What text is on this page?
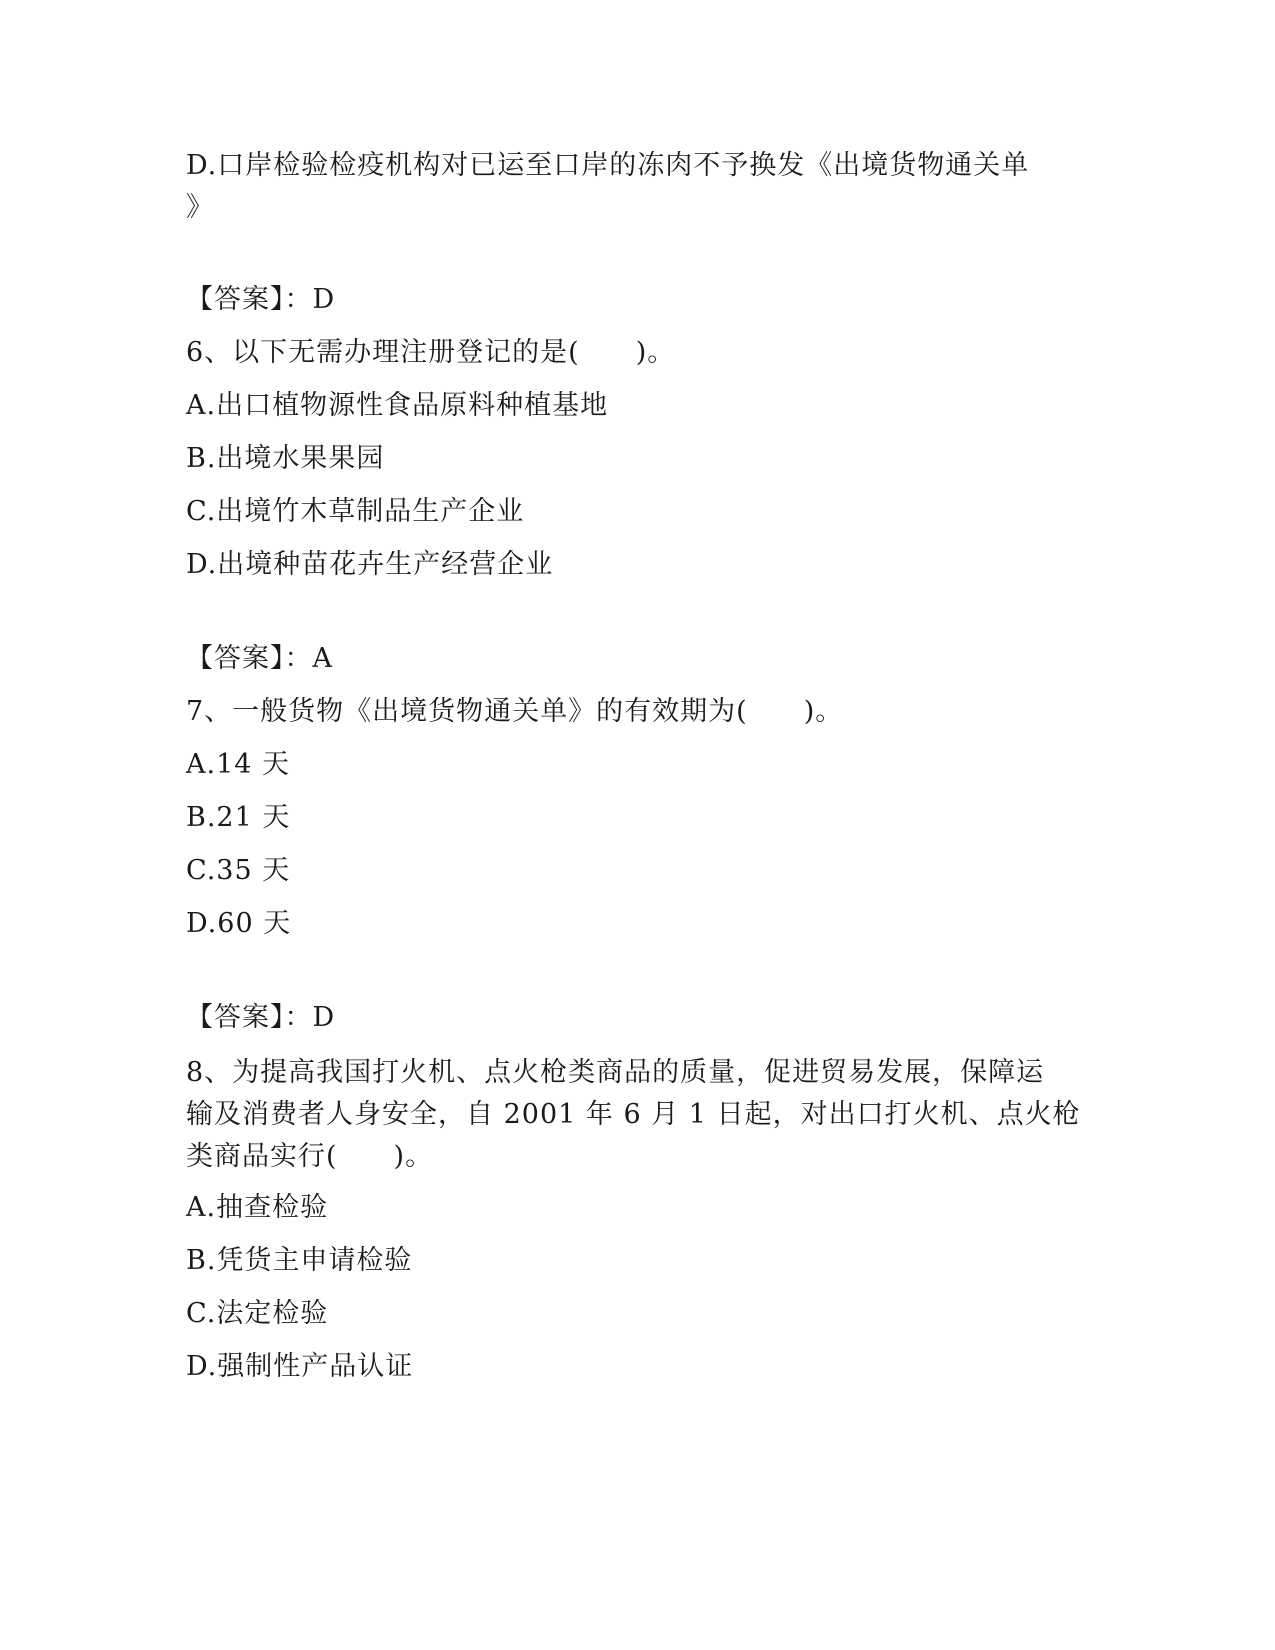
D.口岸检验检疫机构对已运至口岸的冻肉不予换发《出境货物通关单
》
【答案】：D
6、以下无需办理注册登记的是(　　)。
A.出口植物源性食品原料种植基地
B.出境水果果园
C.出境竹木草制品生产企业
D.出境种苗花卉生产经营企业
【答案】：A
7、一般货物《出境货物通关单》的有效期为(　　)。
A.14 天
B.21 天
C.35 天
D.60 天
【答案】：D
8、为提高我国打火机、点火枪类商品的质量，促进贸易发展，保障运
输及消费者人身安全，自 2001 年 6 月 1 日起，对出口打火机、点火枪
类商品实行(　　)。
A.抽查检验
B.凭货主申请检验
C.法定检验
D.强制性产品认证
